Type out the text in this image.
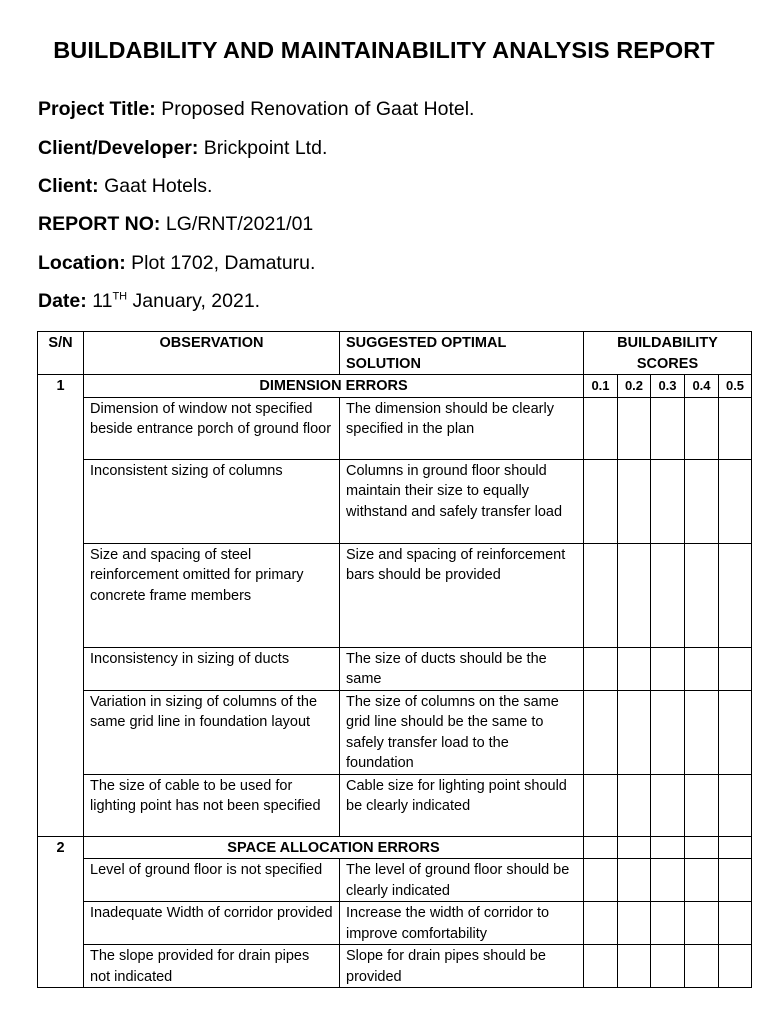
BUILDABILITY AND MAINTAINABILITY ANALYSIS REPORT
Project Title: Proposed Renovation of Gaat Hotel.
Client/Developer: Brickpoint Ltd.
Client: Gaat Hotels.
REPORT NO: LG/RNT/2021/01
Location: Plot 1702, Damaturu.
Date: 11TH January, 2021.
S/N	OBSERVATION	SUGGESTED OPTIMAL SOLUTION	BUILDABILITY SCORES				
1	DIMENSION ERRORS		0.1	0.2	0.3	0.4	0.5
	Dimension of window not specified beside entrance porch of ground floor	The dimension should be clearly specified in the plan					
	Inconsistent sizing of columns	Columns in ground floor should maintain their size to equally withstand and safely transfer load					
	Size and spacing of steel reinforcement omitted for primary concrete frame members	Size and spacing of reinforcement bars should be provided					
	Inconsistency in sizing of ducts	The size of ducts should be the same					
	Variation in sizing of columns of the same grid line in foundation layout	The size of columns on the same grid line should be the same to safely transfer load to the foundation					
	The size of cable to be used for lighting point has not been specified	Cable size for lighting point should be clearly indicated					
2	SPACE ALLOCATION ERRORS						
	Level of ground floor is not specified	The level of ground floor should be clearly indicated					
	Inadequate Width of corridor provided	Increase the width of corridor to improve comfortability					
	The slope provided for drain pipes not indicated	Slope for drain pipes should be provided					
